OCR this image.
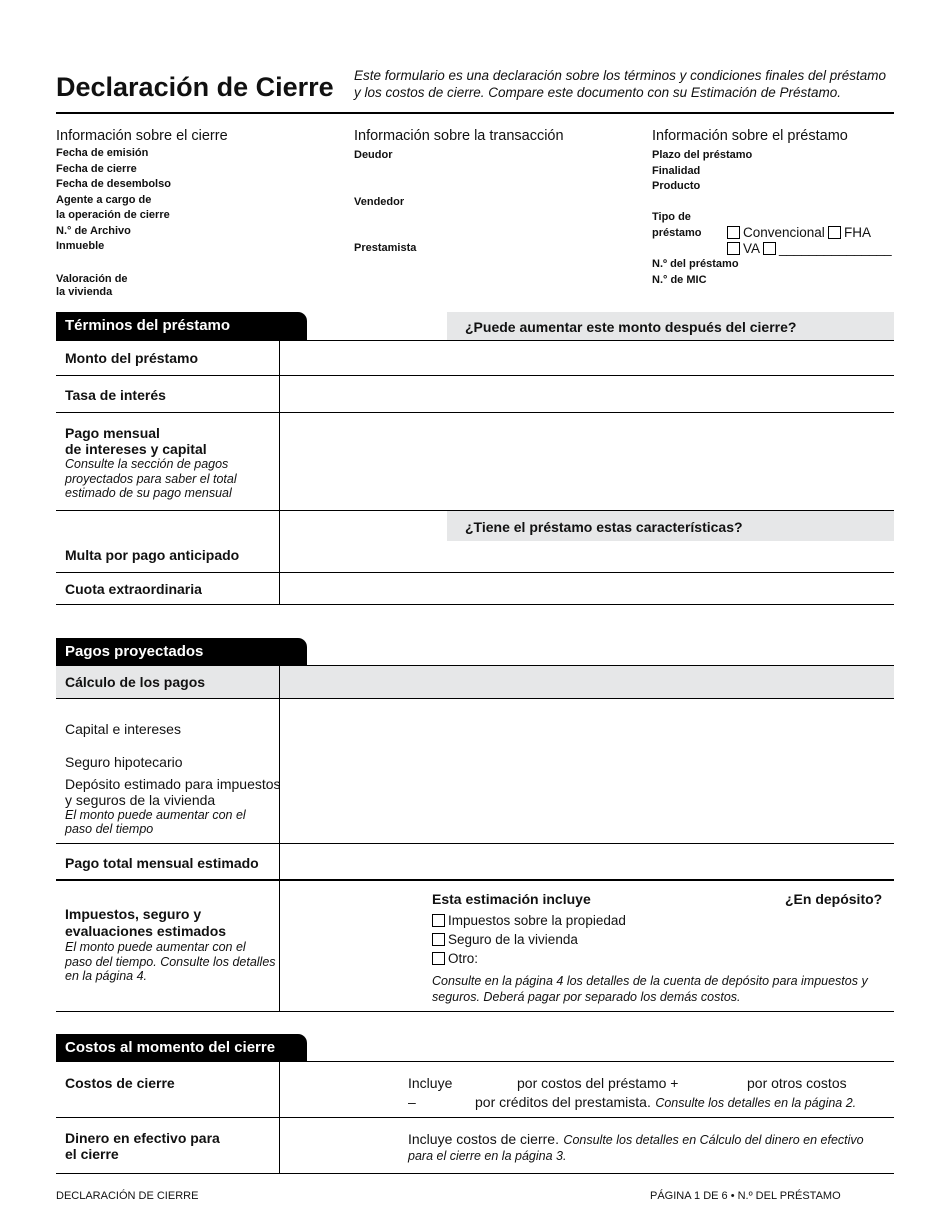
Declaración de Cierre Este formulario es una declaración sobre los términos y condiciones finales del préstamo
y los costos de cierre. Compare este documento con su Estimación de Préstamo.
Información sobre el cierre
Fecha de emisión
Fecha de cierre
Fecha de desembolso
Agente a cargo de
la operación de cierre
N.° de Archivo
Inmueble
Valoración de
la vivienda
Información sobre la transacción
Deudor
Vendedor
Prestamista
Información sobre el préstamo
Plazo del préstamo
Finalidad
Producto
Tipo de
préstamo	Convencional	FHA
VA	_______________
N.º del préstamo
N.° de MIC
Términos del préstamo	¿Puede aumentar este monto después del cierre?
Monto del préstamo
Tasa de interés
Pago mensual
de intereses y capital
Consulte la sección de pagos
proyectados para saber el total
estimado de su pago mensual
¿Tiene el préstamo estas características?
Multa por pago anticipado
Cuota extraordinaria
Pagos proyectados
Cálculo de los pagos
Capital e intereses
Seguro hipotecario
Depósito estimado para impuestos
y seguros de la vivienda
El monto puede aumentar con el
paso del tiempo
Pago total mensual estimado
Impuestos, seguro y
evaluaciones estimados
El monto puede aumentar con el
paso del tiempo. Consulte los detalles
en la página 4.
Esta estimación incluye	¿En depósito?
Impuestos sobre la propiedad
Seguro de la vivienda
Otro:
Consulte en la página 4 los detalles de la cuenta de depósito para impuestos y
seguros. Deberá pagar por separado los demás costos.
Costos al momento del cierre
Costos de cierre	Incluye	por costos del préstamo +	por otros costos
–	por créditos del prestamista. Consulte los detalles en la página 2.
Dinero en efectivo para
el cierre
Incluye costos de cierre. Consulte los detalles en Cálculo del dinero en efectivo
para el cierre en la página 3.
DECLARACIÓN DE CIERRE	PÁGINA 1 DE 6 • N.º DEL PRÉSTAMO
